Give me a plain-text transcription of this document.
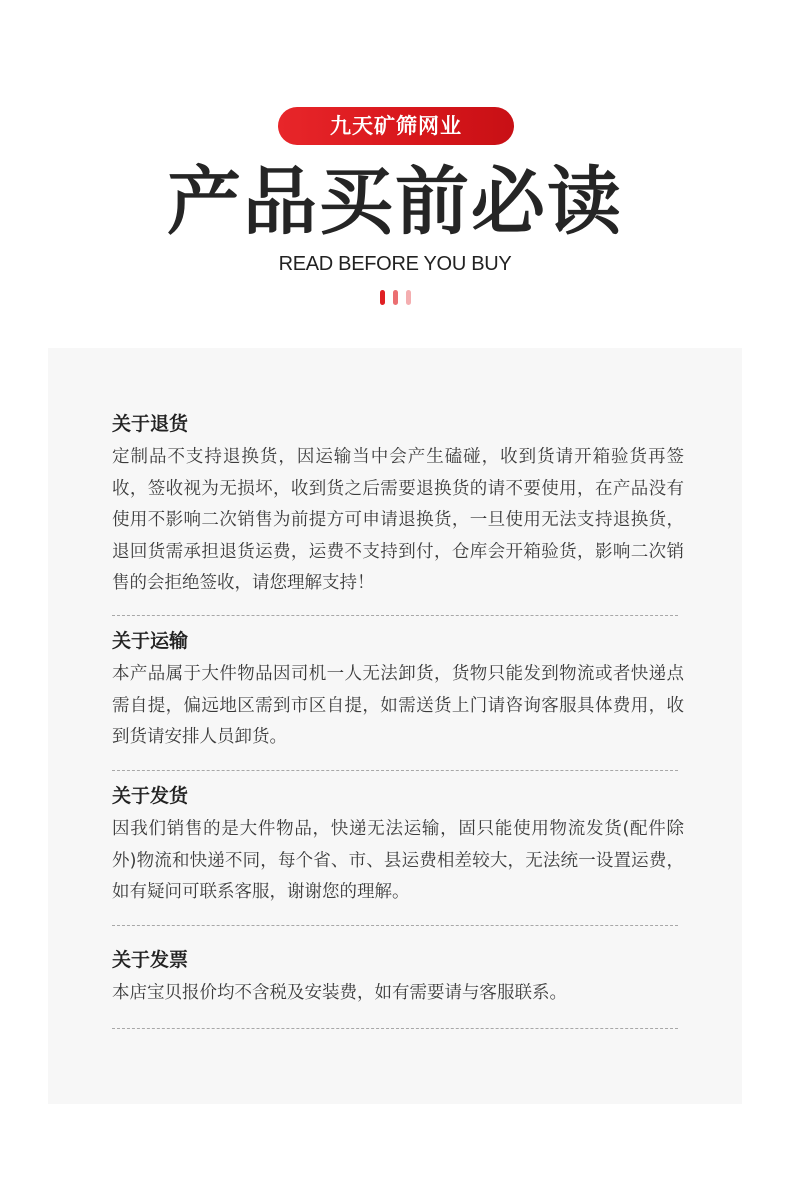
九天矿筛网业
产品买前必读
READ BEFORE YOU BUY
关于退货

定制品不支持退换货，因运输当中会产生磕碰，收到货请开箱验货再签收，签收视为无损坏，收到货之后需要退换货的请不要使用，在产品没有使用不影响二次销售为前提方可申请退换货，一旦使用无法支持退换货，退回货需承担退货运费，运费不支持到付，仓库会开箱验货，影响二次销售的会拒绝签收，请您理解支持！

关于运输

本产品属于大件物品因司机一人无法卸货，货物只能发到物流或者快递点需自提，偏远地区需到市区自提，如需送货上门请咨询客服具体费用，收到货请安排人员卸货。

关于发货

因我们销售的是大件物品，快递无法运输，固只能使用物流发货(配件除外)物流和快递不同，每个省、市、县运费相差较大，无法统一设置运费，如有疑问可联系客服，谢谢您的理解。

关于发票

本店宝贝报价均不含税及安装费，如有需要请与客服联系。
